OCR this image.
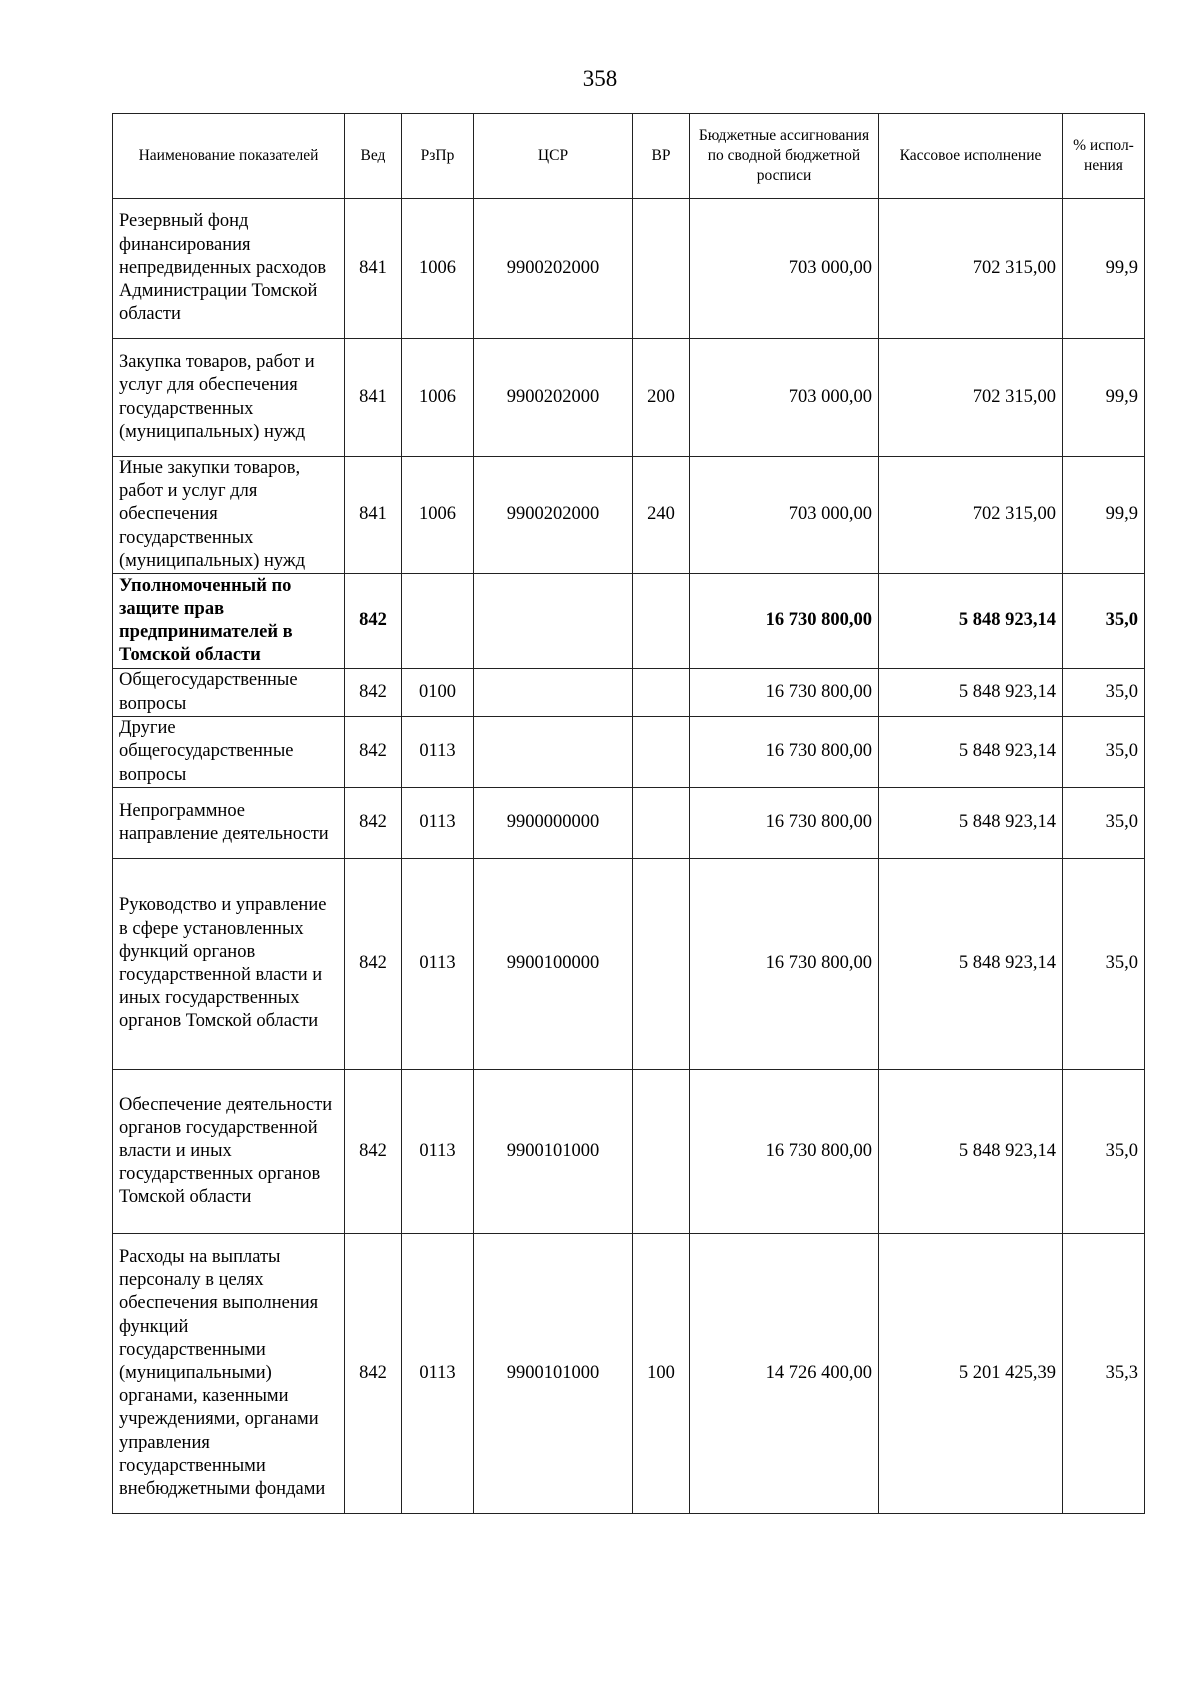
358
Наименование показателей	Вед	РзПр	ЦСР	ВР	Бюджетные ассигнования по сводной бюджетной росписи	Кассовое исполнение	% испол-нения
Резервный фонд финансирования непредвиденных расходов Администрации Томской области	841	1006	9900202000		703 000,00	702 315,00	99,9
Закупка товаров, работ и услуг для обеспечения государственных (муниципальных) нужд	841	1006	9900202000	200	703 000,00	702 315,00	99,9
Иные закупки товаров, работ и услуг для обеспечения государственных (муниципальных) нужд	841	1006	9900202000	240	703 000,00	702 315,00	99,9
Уполномоченный по защите прав предпринимателей в Томской области	842				16 730 800,00	5 848 923,14	35,0
Общегосударственные вопросы	842	0100			16 730 800,00	5 848 923,14	35,0
Другие общегосударственные вопросы	842	0113			16 730 800,00	5 848 923,14	35,0
Непрограммное направление деятельности	842	0113	9900000000		16 730 800,00	5 848 923,14	35,0
Руководство и управление в сфере установленных функций органов государственной власти и иных государственных органов Томской области	842	0113	9900100000		16 730 800,00	5 848 923,14	35,0
Обеспечение деятельности органов государственной власти и иных государственных органов Томской области	842	0113	9900101000		16 730 800,00	5 848 923,14	35,0
Расходы на выплаты персоналу в целях обеспечения выполнения функций государственными (муниципальными) органами, казенными учреждениями, органами управления государственными внебюджетными фондами	842	0113	9900101000	100	14 726 400,00	5 201 425,39	35,3
